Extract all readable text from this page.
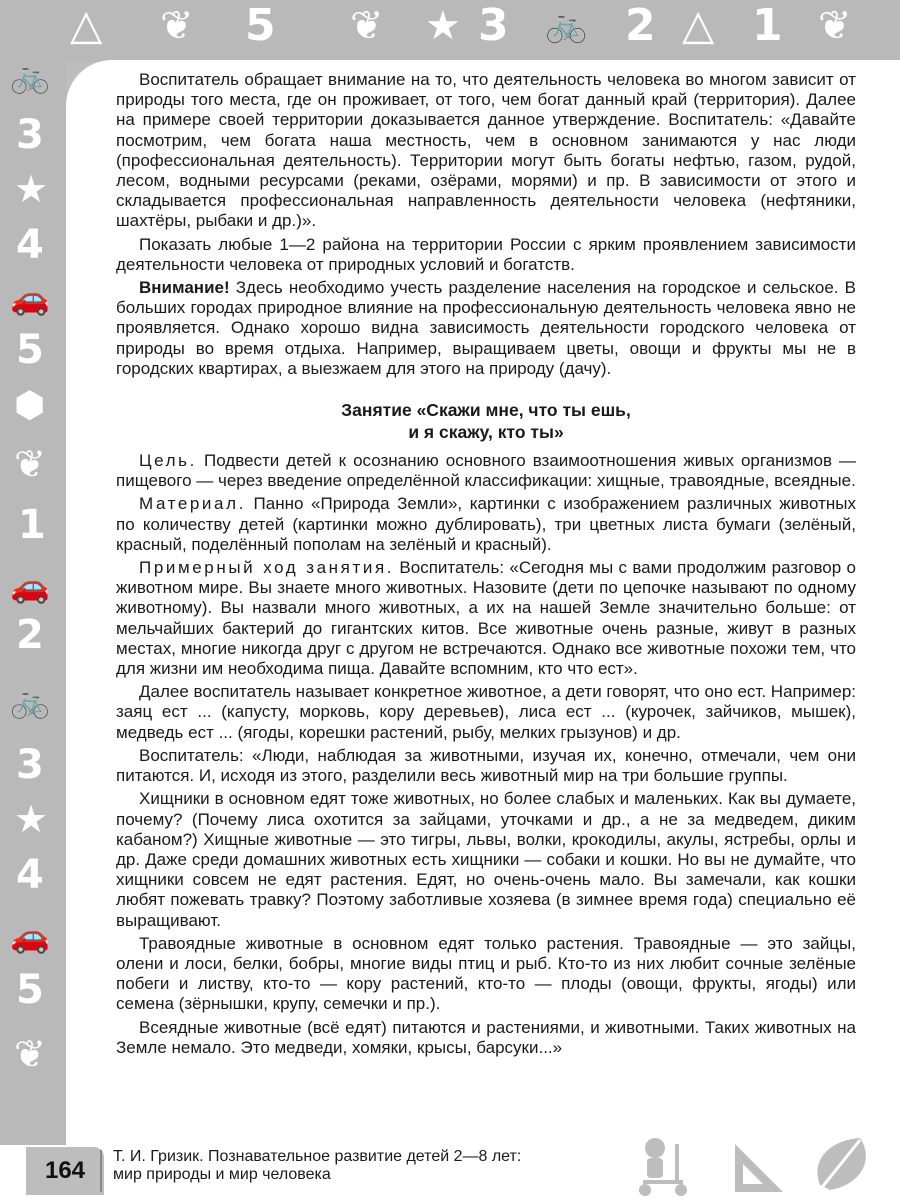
△ ❦ 5 ❦ ★ 3 🚲 2 △ 1 ❦
🚲
3
★
4
🚗
5
⬢
❦
1
🚗
2
🚲
3
★
4
🚗
5
❦

Воспитатель обращает внимание на то, что деятельность человека во многом зависит от природы того места, где он проживает, от того, чем богат данный край (территория). Далее на примере своей территории доказывается данное утверждение. Воспитатель: «Давайте посмотрим, чем богата наша местность, чем в основном занимаются у нас люди (профессиональная деятельность). Территории могут быть богаты нефтью, газом, рудой, лесом, водными ресурсами (реками, озёрами, морями) и пр. В зависимости от этого и складывается профессиональная направленность деятельности человека (нефтяники, шахтёры, рыбаки и др.)».

Показать любые 1—2 района на территории России с ярким проявлением зависимости деятельности человека от природных условий и богатств.

Внимание! Здесь необходимо учесть разделение населения на городское и сельское. В больших городах природное влияние на профессиональную деятельность человека явно не проявляется. Однако хорошо видна зависимость деятельности городского человека от природы во время отдыха. Например, выращиваем цветы, овощи и фрукты мы не в городских квартирах, а выезжаем для этого на природу (дачу).

Занятие «Скажи мне, что ты ешь,
и я скажу, кто ты»

Цель. Подвести детей к осознанию основного взаимоотношения живых организмов — пищевого — через введение определённой классификации: хищные, травоядные, всеядные.

Материал. Панно «Природа Земли», картинки с изображением различных животных по количеству детей (картинки можно дублировать), три цветных листа бумаги (зелёный, красный, поделённый пополам на зелёный и красный).

Примерный ход занятия. Воспитатель: «Сегодня мы с вами продолжим разговор о животном мире. Вы знаете много животных. Назовите (дети по цепочке называют по одному животному). Вы назвали много животных, а их на нашей Земле значительно больше: от мельчайших бактерий до гигантских китов. Все животные очень разные, живут в разных местах, многие никогда друг с другом не встречаются. Однако все животные похожи тем, что для жизни им необходима пища. Давайте вспомним, кто что ест».

Далее воспитатель называет конкретное животное, а дети говорят, что оно ест. Например: заяц ест ... (капусту, морковь, кору деревьев), лиса ест ... (курочек, зайчиков, мышек), медведь ест ... (ягоды, корешки растений, рыбу, мелких грызунов) и др.

Воспитатель: «Люди, наблюдая за животными, изучая их, конечно, отмечали, чем они питаются. И, исходя из этого, разделили весь животный мир на три большие группы.

Хищники в основном едят тоже животных, но более слабых и маленьких. Как вы думаете, почему? (Почему лиса охотится за зайцами, уточками и др., а не за медведем, диким кабаном?) Хищные животные — это тигры, львы, волки, крокодилы, акулы, ястребы, орлы и др. Даже среди домашних животных есть хищники — собаки и кошки. Но вы не думайте, что хищники совсем не едят растения. Едят, но очень-очень мало. Вы замечали, как кошки любят пожевать травку? Поэтому заботливые хозяева (в зимнее время года) специально её выращивают.

Травоядные животные в основном едят только растения. Травоядные — это зайцы, олени и лоси, белки, бобры, многие виды птиц и рыб. Кто-то из них любит сочные зелёные побеги и листву, кто-то — кору растений, кто-то — плоды (овощи, фрукты, ягоды) или семена (зёрнышки, крупу, семечки и пр.).

Всеядные животные (всё едят) питаются и растениями, и животными. Таких животных на Земле немало. Это медведи, хомяки, крысы, барсуки...»

164
Т. И. Гризик. Познавательное развитие детей 2—8 лет:
мир природы и мир человека
